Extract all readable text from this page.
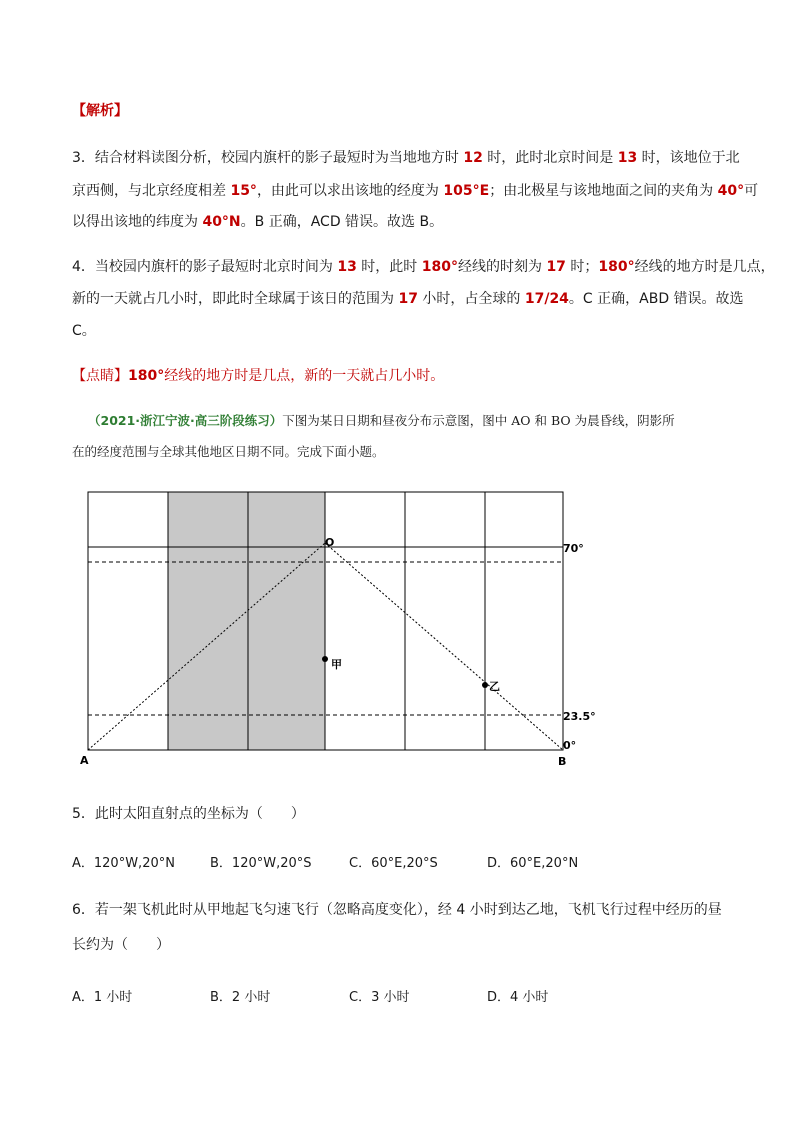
【解析】
3．结合材料读图分析，校园内旗杆的影子最短时为当地地方时 12 时，此时北京时间是 13 时，该地位于北
京西侧，与北京经度相差 15°，由此可以求出该地的经度为 105°E；由北极星与该地地面之间的夹角为 40°可
以得出该地的纬度为 40°N。B 正确，ACD 错误。故选 B。
4．当校园内旗杆的影子最短时北京时间为 13 时，此时 180°经线的时刻为 17 时；180°经线的地方时是几点，
新的一天就占几小时，即此时全球属于该日的范围为 17 小时，占全球的 17/24。C 正确，ABD 错误。故选
C。
【点睛】180°经线的地方时是几点，新的一天就占几小时。
（2021·浙江宁波·高三阶段练习）下图为某日日期和昼夜分布示意图，图中 AO 和 BO 为晨昏线，阴影所
在的经度范围与全球其他地区日期不同。完成下面小题。
O
甲
乙
70°
23.5°
0°
A	B
5．此时太阳直射点的坐标为（　　）
A．120°W,20°N	B．120°W,20°S	C．60°E,20°S	D．60°E,20°N
6．若一架飞机此时从甲地起飞匀速飞行（忽略高度变化），经 4 小时到达乙地，飞机飞行过程中经历的昼
长约为（　　）
A．1 小时	B．2 小时	C．3 小时	D．4 小时
